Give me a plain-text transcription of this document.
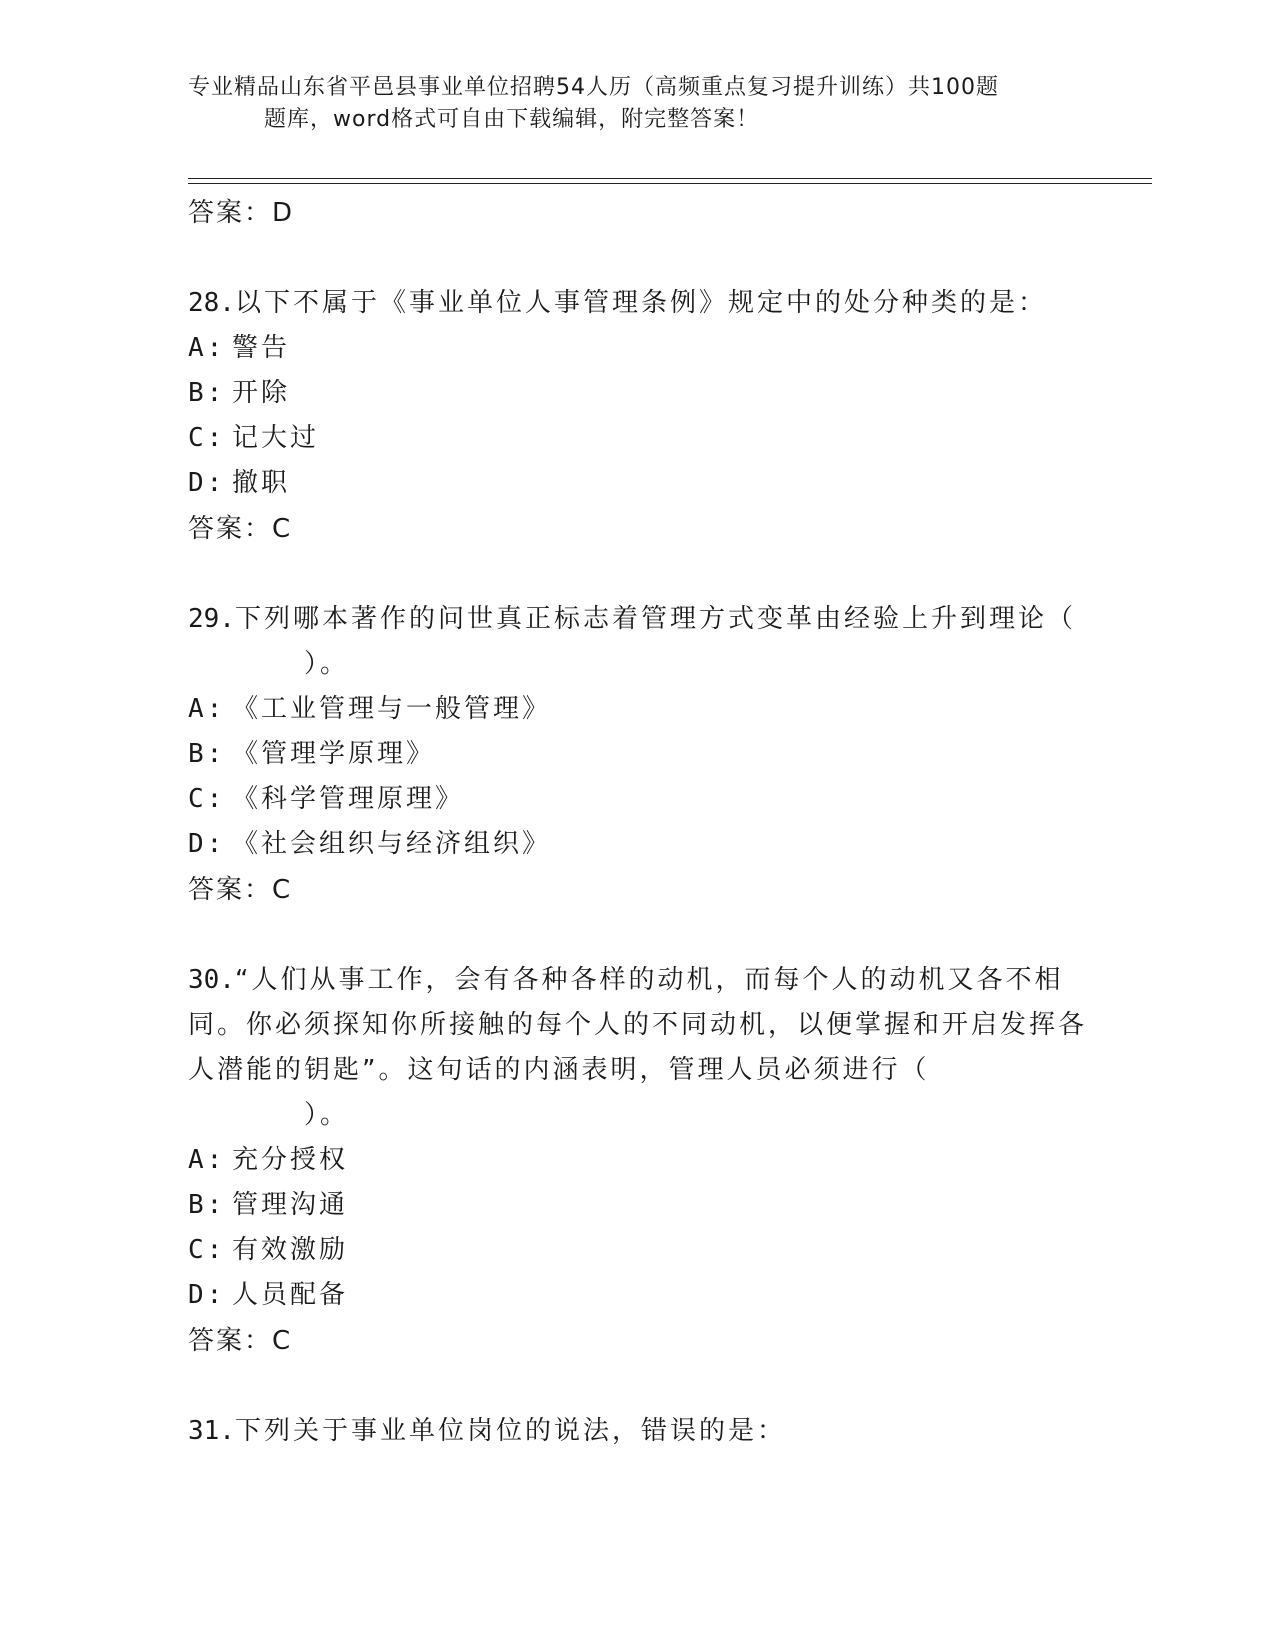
专业精品山东省平邑县事业单位招聘54人历（高频重点复习提升训练）共100题
题库，word格式可自由下载编辑，附完整答案！
答案：D
28.以下不属于《事业单位人事管理条例》规定中的处分种类的是：
A: 警告
B: 开除
C: 记大过
D: 撤职
答案：C
29.下列哪本著作的问世真正标志着管理方式变革由经验上升到理论（
）。
A: 《工业管理与一般管理》
B: 《管理学原理》
C: 《科学管理原理》
D: 《社会组织与经济组织》
答案：C
30.“人们从事工作，会有各种各样的动机，而每个人的动机又各不相同。你必须探知你所接触的每个人的不同动机，以便掌握和开启发挥各人潜能的钥匙”。这句话的内涵表明，管理人员必须进行（
）。
A: 充分授权
B: 管理沟通
C: 有效激励
D: 人员配备
答案：C
31.下列关于事业单位岗位的说法，错误的是：
